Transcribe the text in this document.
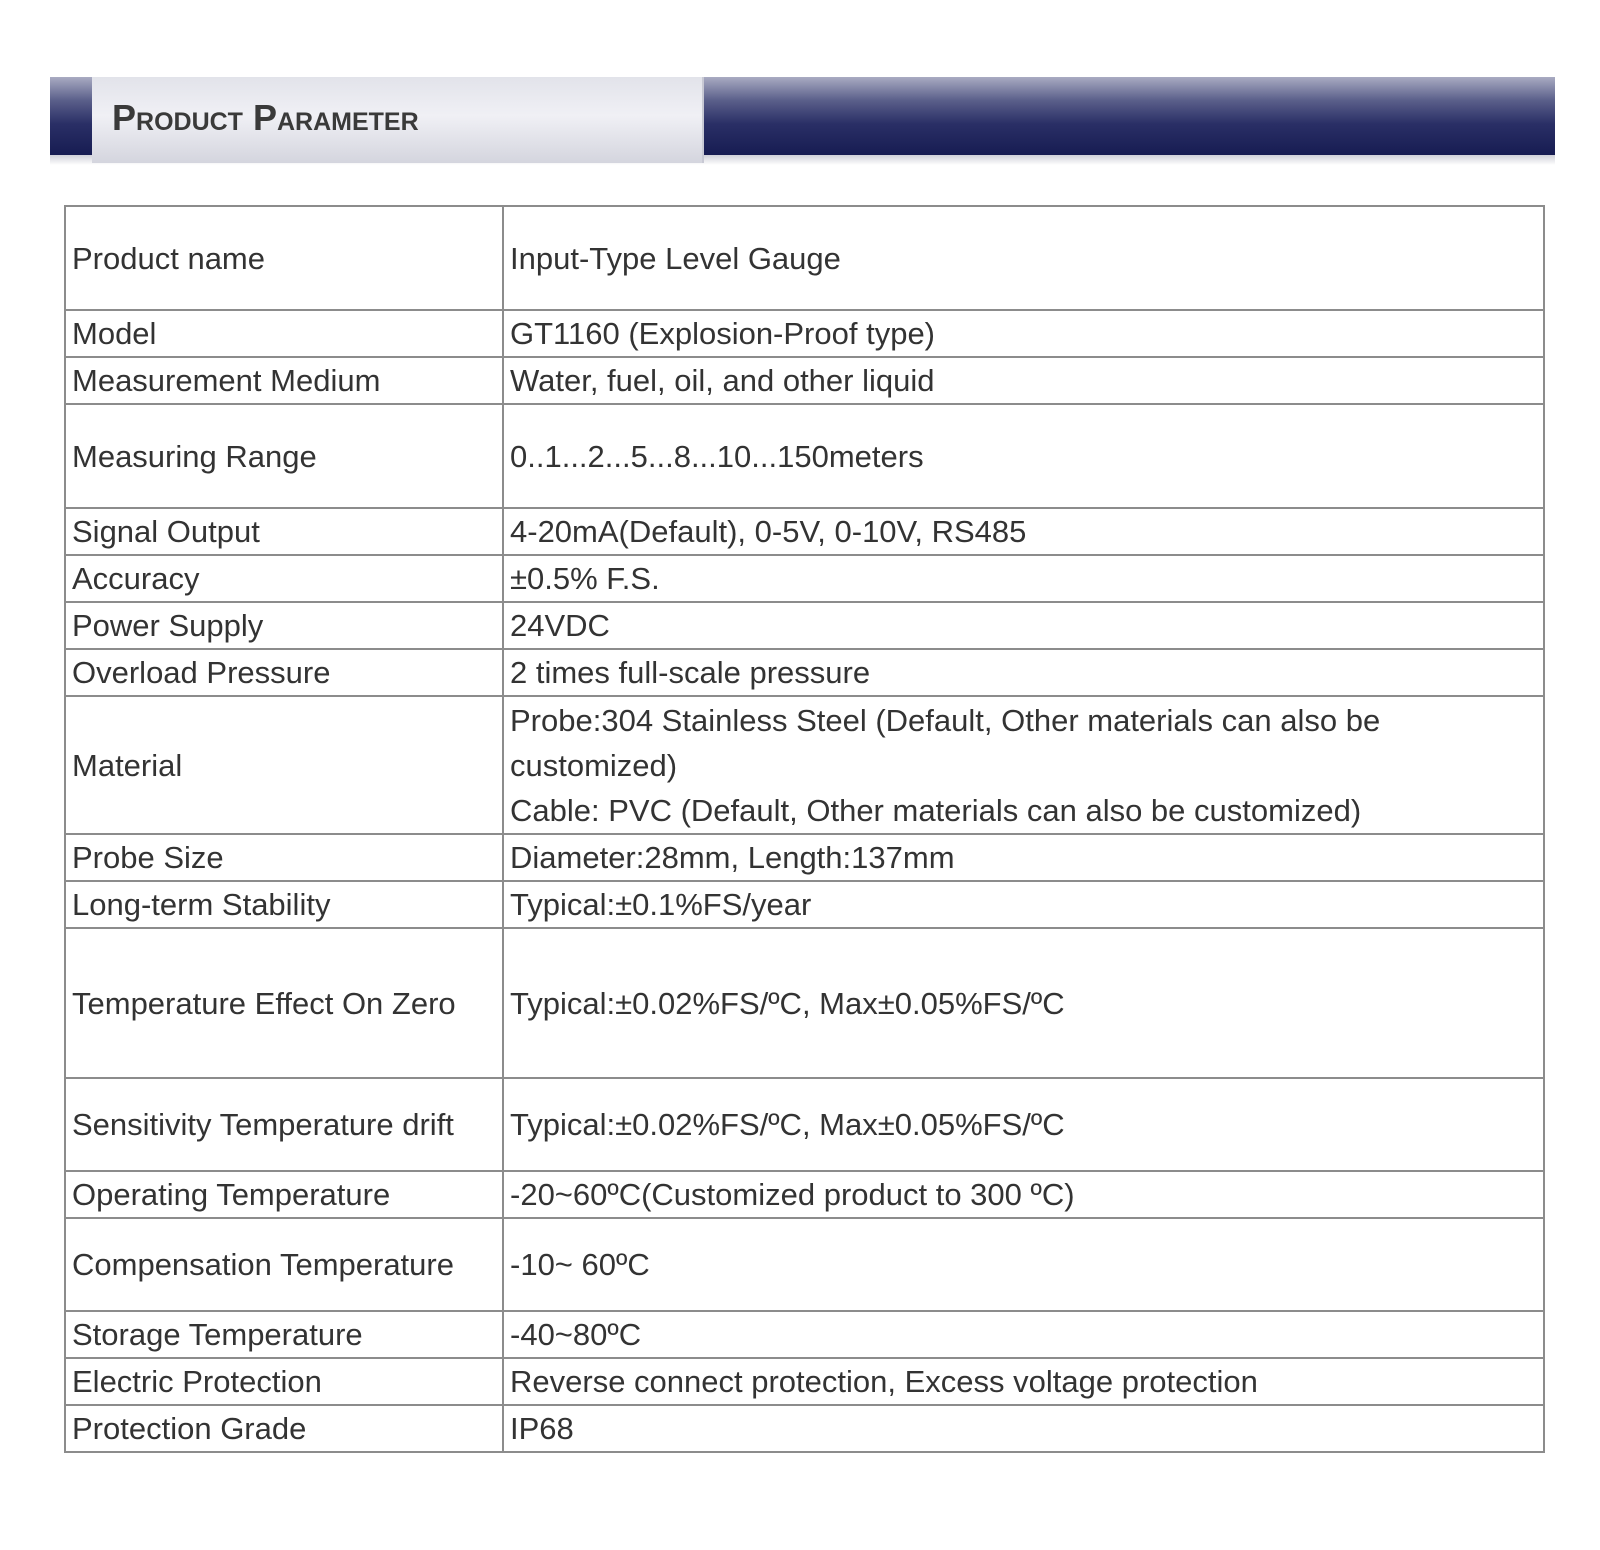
Product Parameter
Product name	Input-Type Level Gauge

Model	GT1160 (Explosion-Proof type)

Measurement Medium	Water, fuel, oil, and other liquid

Measuring Range	0..1...2...5...8...10...150meters

Signal Output	4-20mA(Default), 0-5V, 0-10V, RS485

Accuracy	±0.5% F.S.

Power Supply	24VDC

Overload Pressure	2 times full-scale pressure

Material	Probe:304 Stainless Steel (Default, Other materials can also be customized)
Cable: PVC (Default, Other materials can also be customized)

Probe Size	Diameter:28mm, Length:137mm

Long-term Stability	Typical:±0.1%FS/year

Temperature Effect On Zero	Typical:±0.02%FS/ºC, Max±0.05%FS/ºC

Sensitivity Temperature drift	Typical:±0.02%FS/ºC, Max±0.05%FS/ºC

Operating Temperature	-20~60ºC(Customized product to 300 ºC)

Compensation Temperature	-10~ 60ºC

Storage Temperature	-40~80ºC

Electric Protection	Reverse connect protection, Excess voltage protection

Protection Grade	IP68
